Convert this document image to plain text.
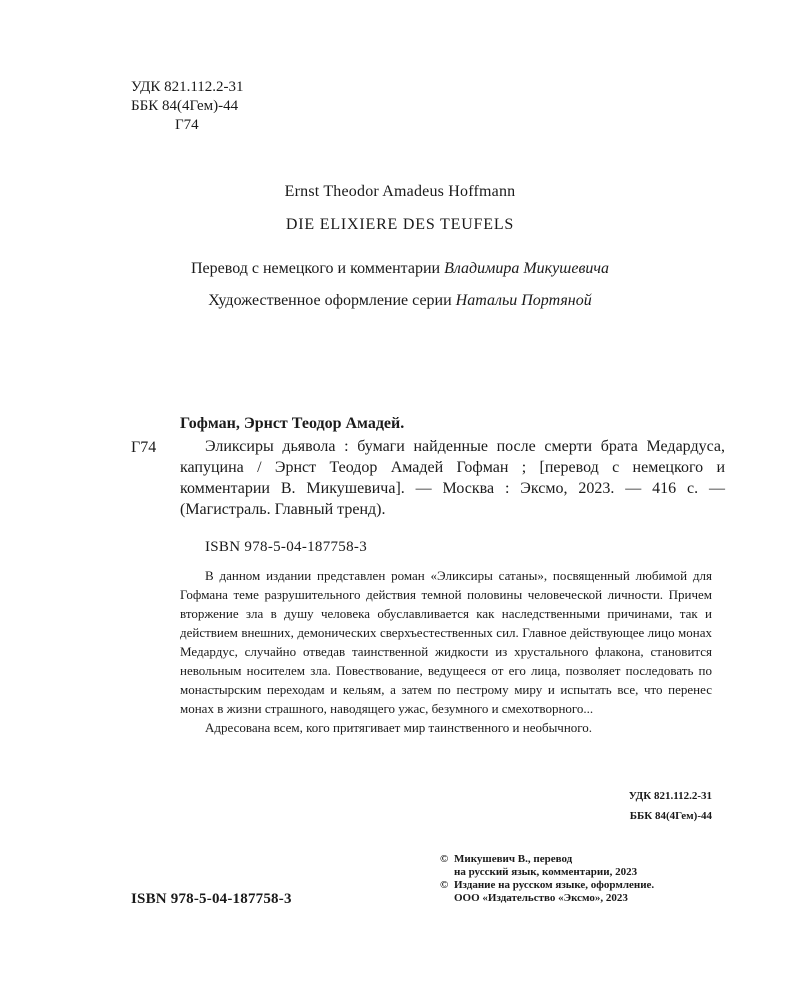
УДК 821.112.2-31
ББК 84(4Гем)-44
Г74
Ernst Theodor Amadeus Hoffmann
DIE ELIXIERE DES TEUFELS
Перевод с немецкого и комментарии Владимира Микушевича
Художественное оформление серии Натальи Портяной
Гофман, Эрнст Теодор Амадей.
Г74	Эликсиры дьявола : бумаги найденные после смерти брата Медардуса, капуцина / Эрнст Теодор Амадей Гофман ; [перевод с немецкого и комментарии В. Микушевича]. — Москва : Эксмо, 2023. — 416 с. — (Магистраль. Главный тренд).
ISBN 978-5-04-187758-3

В данном издании представлен роман «Эликсиры сатаны», посвященный любимой для Гофмана теме разрушительного действия темной половины человеческой личности. Причем вторжение зла в душу человека обуславливается как наследственными причинами, так и действием внешних, демонических сверхъестественных сил. Главное действующее лицо монах Медардус, случайно отведав таинственной жидкости из хрустального флакона, становится невольным носителем зла. Повествование, ведущееся от его лица, позволяет последовать по монастырским переходам и кельям, а затем по пестрому миру и испытать все, что перенес монах в жизни страшного, наводящего ужас, безумного и смехотворного...

Адресована всем, кого притягивает мир таинственного и необычного.

УДК 821.112.2-31
ББК 84(4Гем)-44
ISBN 978-5-04-187758-3
© Микушевич В., перевод
на русский язык, комментарии, 2023
© Издание на русском языке, оформление.
ООО «Издательство «Эксмо», 2023
